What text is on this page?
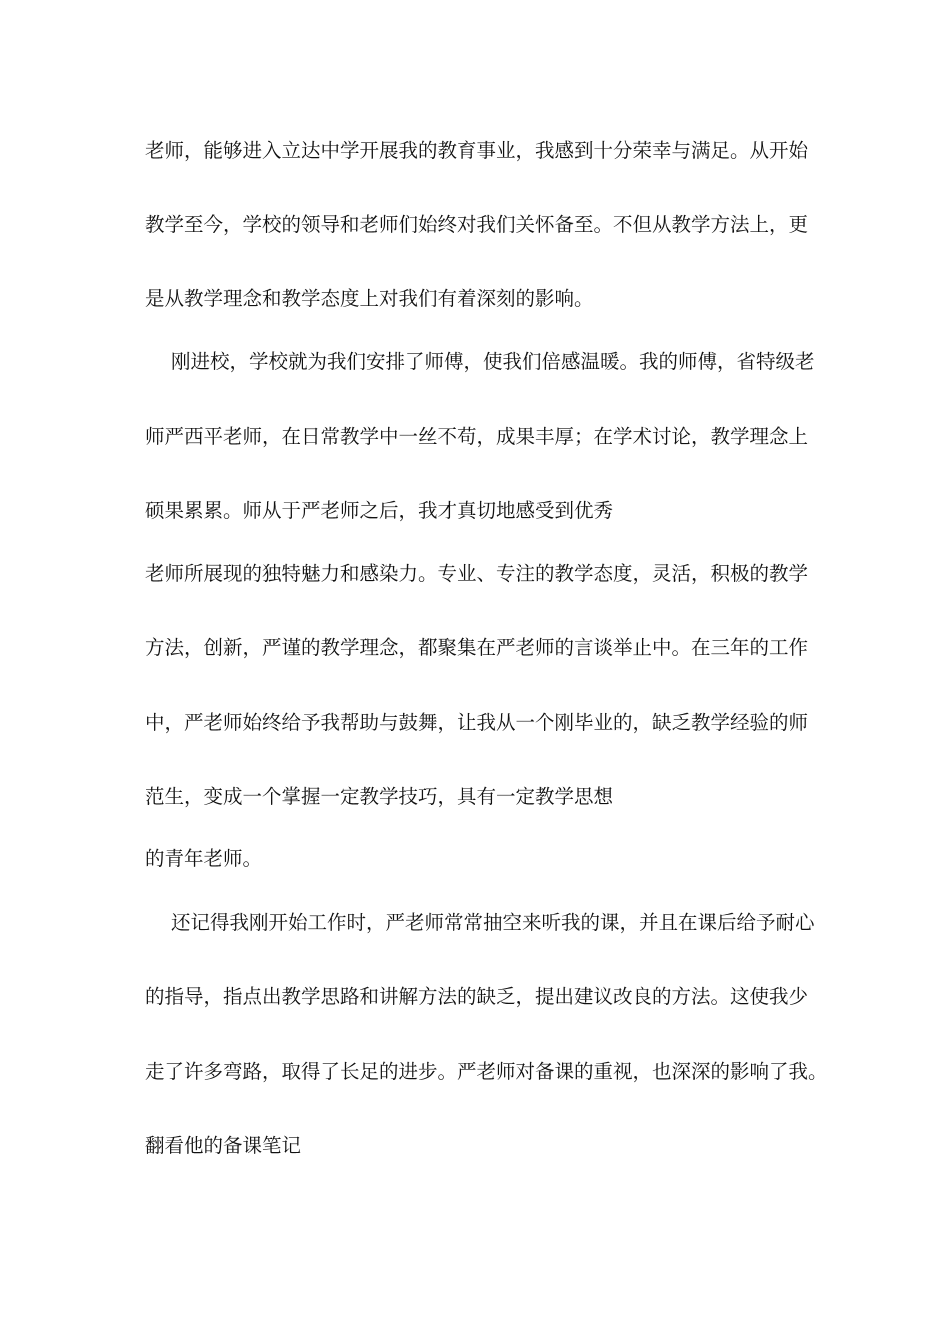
老师，能够进入立达中学开展我的教育事业，我感到十分荣幸与满足。从开始
教学至今，学校的领导和老师们始终对我们关怀备至。不但从教学方法上，更
是从教学理念和教学态度上对我们有着深刻的影响。
刚进校，学校就为我们安排了师傅，使我们倍感温暖。我的师傅，省特级老
师严西平老师，在日常教学中一丝不苟，成果丰厚；在学术讨论，教学理念上
硕果累累。师从于严老师之后，我才真切地感受到优秀
老师所展现的独特魅力和感染力。专业、专注的教学态度，灵活，积极的教学
方法，创新，严谨的教学理念，都聚集在严老师的言谈举止中。在三年的工作
中，严老师始终给予我帮助与鼓舞，让我从一个刚毕业的，缺乏教学经验的师
范生，变成一个掌握一定教学技巧，具有一定教学思想
的青年老师。
还记得我刚开始工作时，严老师常常抽空来听我的课，并且在课后给予耐心
的指导，指点出教学思路和讲解方法的缺乏，提出建议改良的方法。这使我少
走了许多弯路，取得了长足的进步。严老师对备课的重视，也深深的影响了我。
翻看他的备课笔记
